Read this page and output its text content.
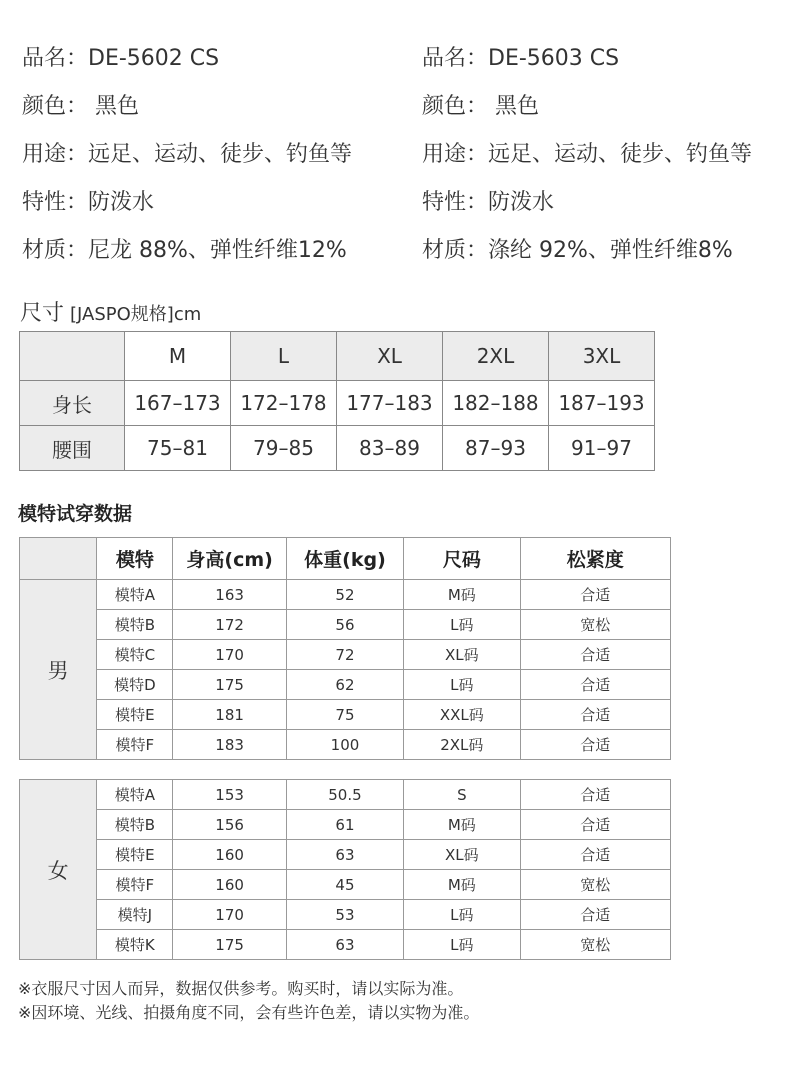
品名：DE-5602 CS
颜色： 黑色
用途：远足、运动、徒步、钓鱼等
特性：防泼水
材质：尼龙 88%、弹性纤维12%
品名：DE-5603 CS
颜色： 黑色
用途：远足、运动、徒步、钓鱼等
特性：防泼水
材质：涤纶 92%、弹性纤维8%
尺寸 [JASPO规格]cm
	M	L	XL	2XL	3XL
身长	167–173	172–178	177–183	182–188	187–193
腰围	75–81	79–85	83–89	87–93	91–97
模特试穿数据
	模特	身高(cm)	体重(kg)	尺码	松紧度
男	模特A	163	52	M码	合适
	模特B	172	56	L码	宽松
	模特C	170	72	XL码	合适
	模特D	175	62	L码	合适
	模特E	181	75	XXL码	合适
	模特F	183	100	2XL码	合适
女	模特A	153	50.5	S	合适
	模特B	156	61	M码	合适
	模特E	160	63	XL码	合适
	模特F	160	45	M码	宽松
	模特J	170	53	L码	合适
	模特K	175	63	L码	宽松
※衣服尺寸因人而异，数据仅供参考。购买时，请以实际为准。
※因环境、光线、拍摄角度不同，会有些许色差，请以实物为准。
